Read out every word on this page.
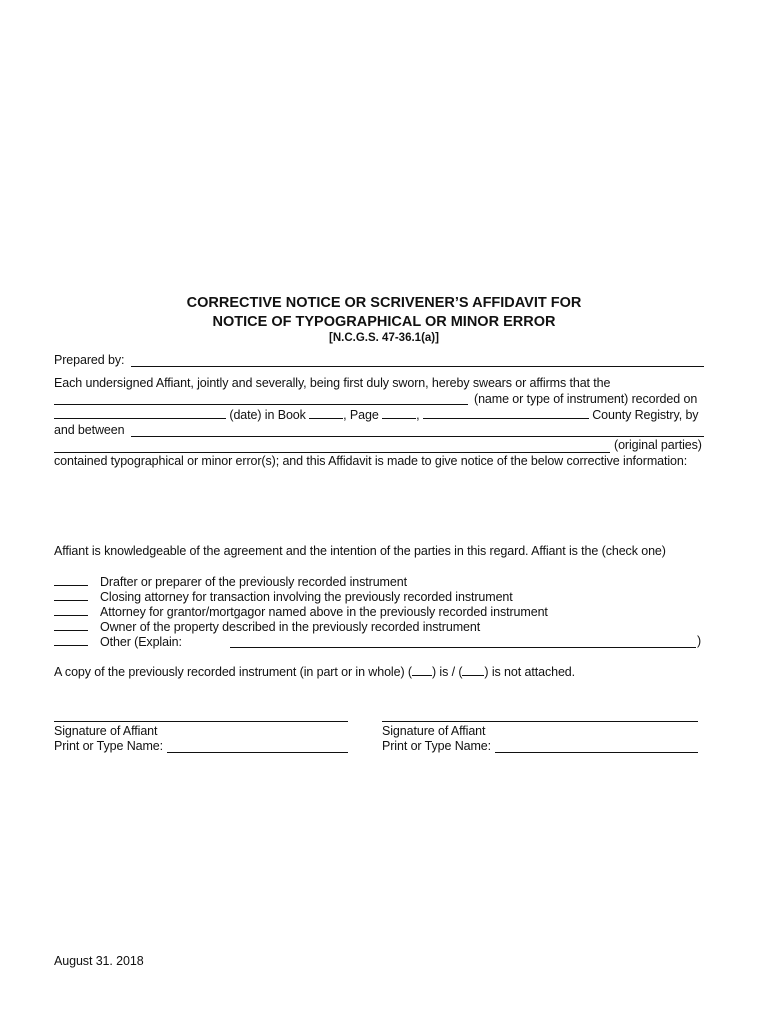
CORRECTIVE NOTICE OR SCRIVENER’S AFFIDAVIT FOR
NOTICE OF TYPOGRAPHICAL OR MINOR ERROR
[N.C.G.S. 47-36.1(a)]
Prepared by:
Each undersigned Affiant, jointly and severally, being first duly sworn, hereby swears or affirms that the
(name or type of instrument) recorded on
(date) in Book	, Page	,	County Registry, by
and between
(original parties)
contained typographical or minor error(s); and this Affidavit is made to give notice of the below corrective information:
Affiant is knowledgeable of the agreement and the intention of the parties in this regard. Affiant is the (check one)
Drafter or preparer of the previously recorded instrument
Closing attorney for transaction involving the previously recorded instrument
Attorney for grantor/mortgagor named above in the previously recorded instrument
Owner of the property described in the previously recorded instrument
Other (Explain:	)
A copy of the previously recorded instrument (in part or in whole) ( ) is / ( ) is not attached.
Signature of Affiant
Print or Type Name:
Signature of Affiant
Print or Type Name:
August 31. 2018
